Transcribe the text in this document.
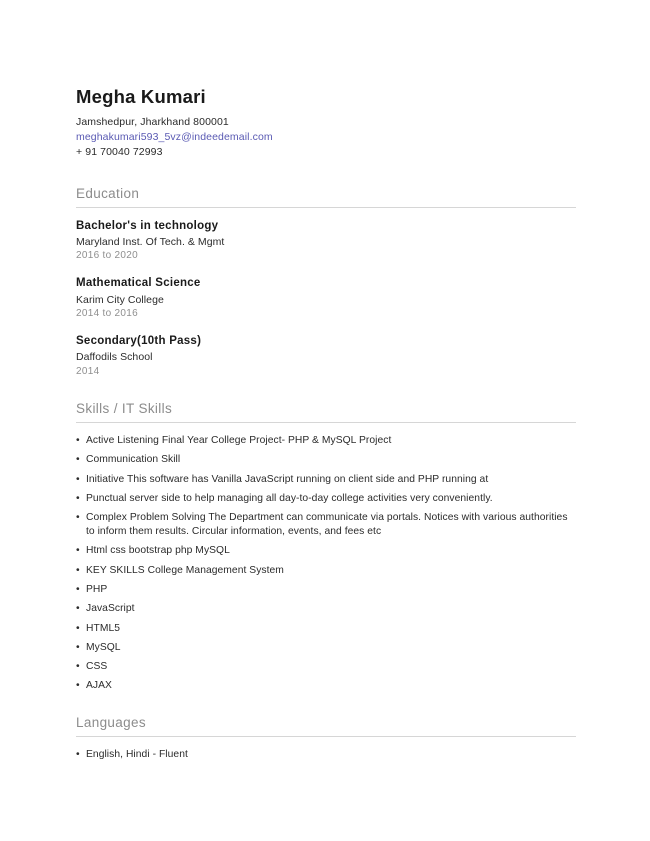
Megha Kumari
Jamshedpur, Jharkhand 800001
meghakumari593_5vz@indeedemail.com
+ 91 70040 72993
Education
Bachelor's in technology
Maryland Inst. Of Tech. & Mgmt
2016 to 2020
Mathematical Science
Karim City College
2014 to 2016
Secondary(10th Pass)
Daffodils School
2014
Skills / IT Skills
• Active Listening Final Year College Project- PHP & MySQL Project
• Communication Skill
• Initiative This software has Vanilla JavaScript running on client side and PHP running at
• Punctual server side to help managing all day-to-day college activities very conveniently.
• Complex Problem Solving The Department can communicate via portals. Notices with various authorities to inform them results. Circular information, events, and fees etc
• Html css bootstrap php MySQL
• KEY SKILLS College Management System
• PHP
• JavaScript
• HTML5
• MySQL
• CSS
• AJAX
Languages
• English, Hindi - Fluent
